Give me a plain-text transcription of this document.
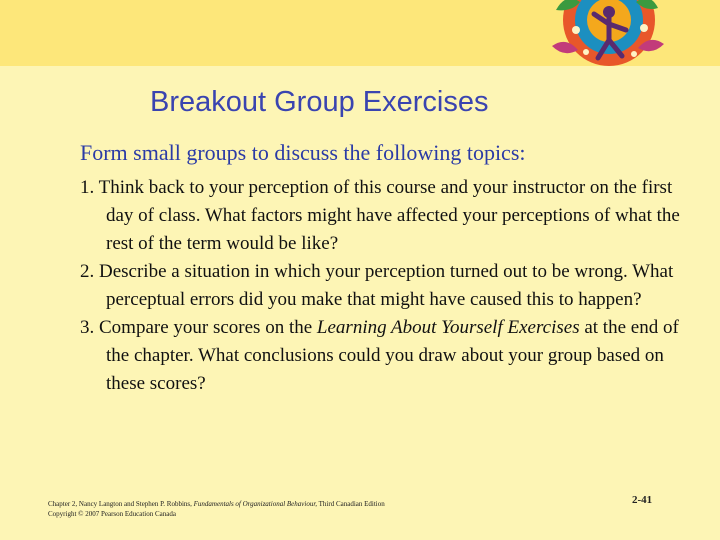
Breakout Group Exercises
Form small groups to discuss the following topics:
1. Think back to your perception of this course and your instructor on the first day of class. What factors might have affected your perceptions of what the rest of the term would be like?
2. Describe a situation in which your perception turned out to be wrong. What perceptual errors did you make that might have caused this to happen?
3. Compare your scores on the Learning About Yourself Exercises at the end of the chapter. What conclusions could you draw about your group based on these scores?
Chapter 2, Nancy Langton and Stephen P. Robbins, Fundamentals of Organizational Behaviour, Third Canadian Edition
Copyright © 2007 Pearson Education Canada
2-41
